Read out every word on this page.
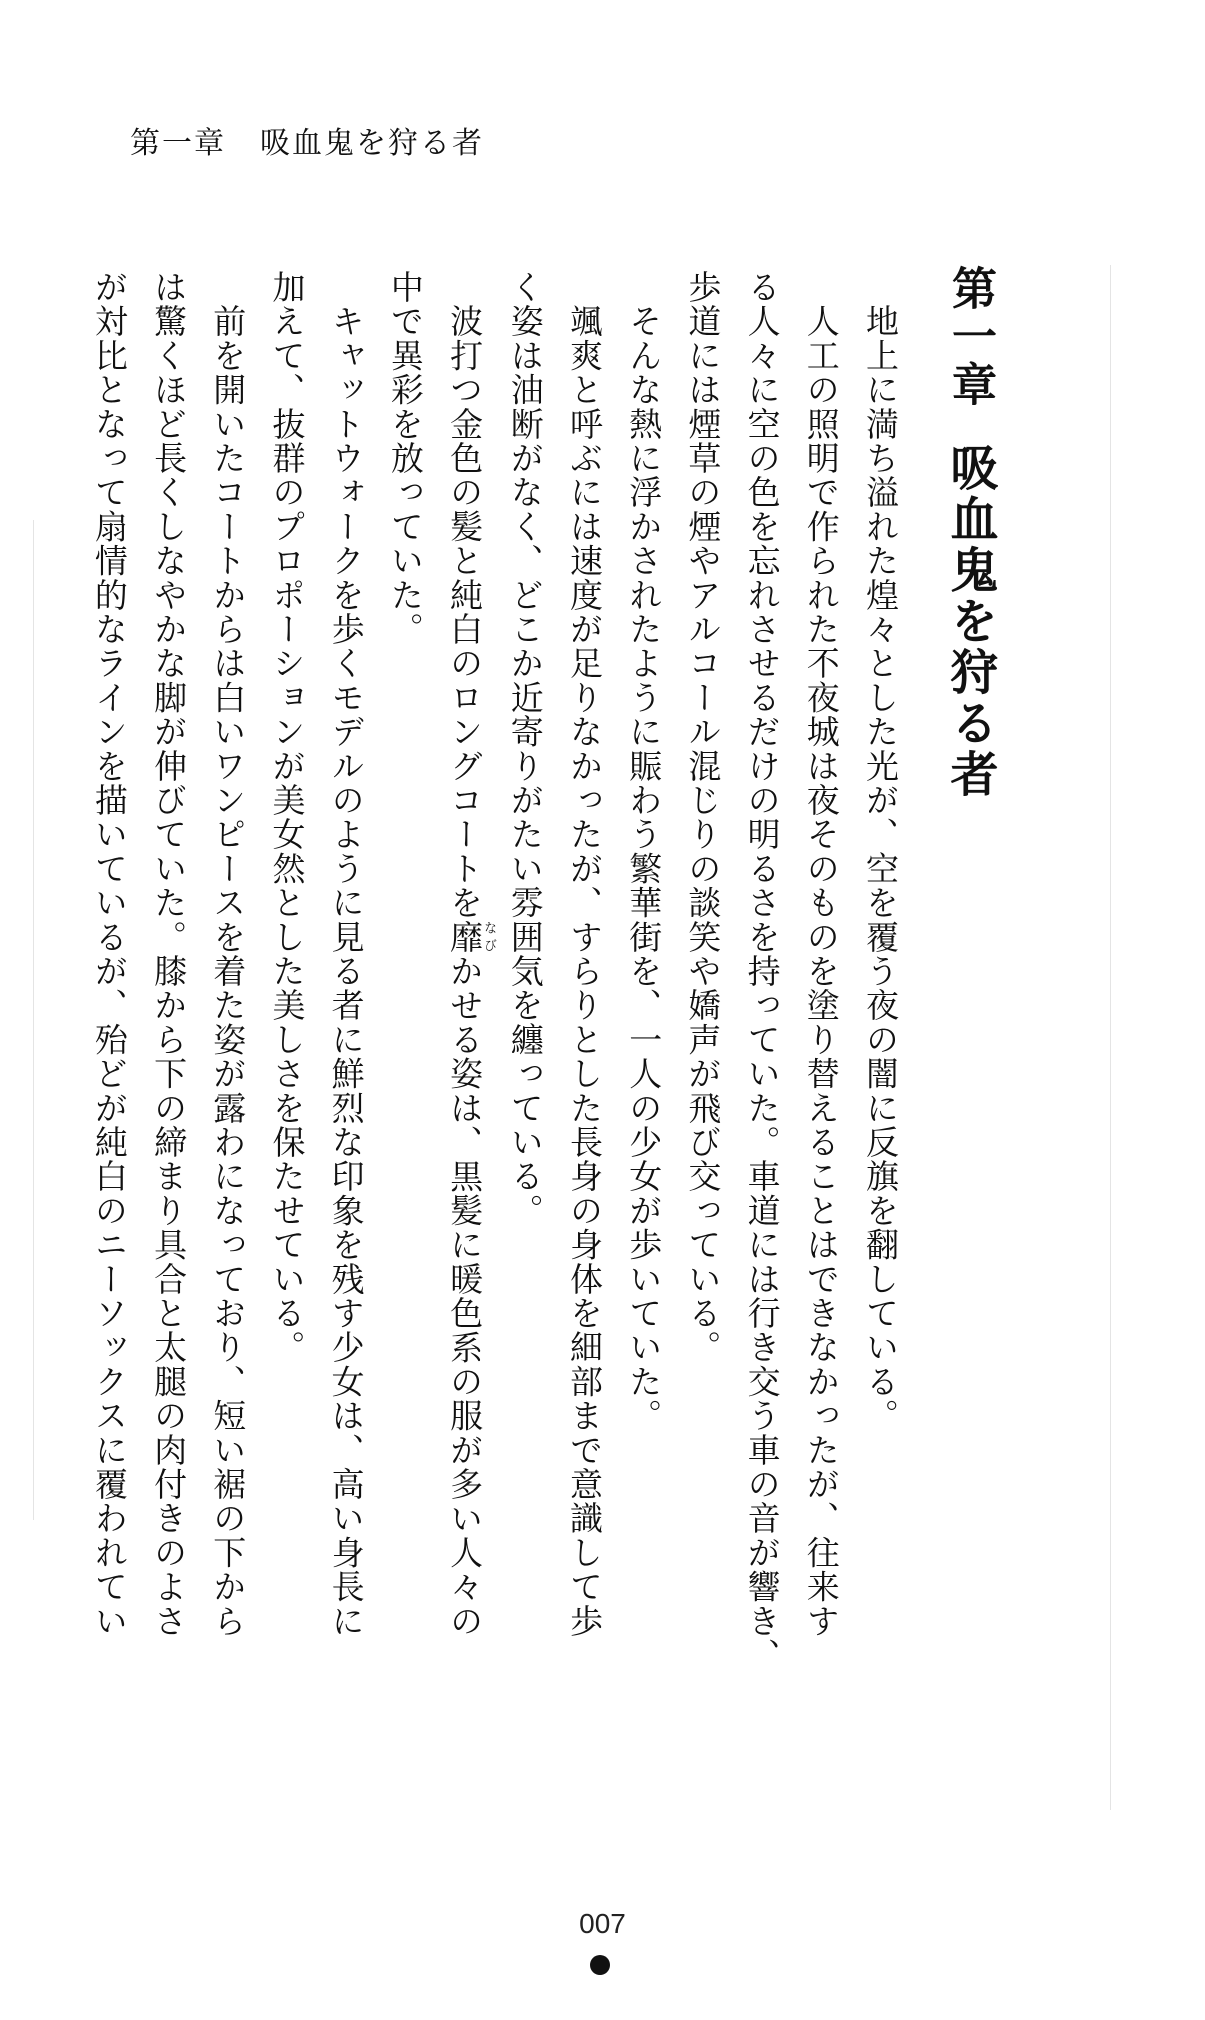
第一章 吸血鬼を狩る者
第一章吸血鬼を狩る者
　地上に満ち溢れた煌々とした光が、空を覆う夜の闇に反旗を翻している。
　人工の照明で作られた不夜城は夜そのものを塗り替えることはできなかったが、往来す
る人々に空の色を忘れさせるだけの明るさを持っていた。車道には行き交う車の音が響き、
歩道には煙草の煙やアルコール混じりの談笑や嬌声が飛び交っている。
　そんな熱に浮かされたように賑わう繁華街を、一人の少女が歩いていた。
　颯爽と呼ぶには速度が足りなかったが、すらりとした長身の身体を細部まで意識して歩
く姿は油断がなく、どこか近寄りがたい雰囲気を纏っている。
　波打つ金色の髪と純白のロングコートを靡なびかせる姿は、黒髪に暖色系の服が多い人々の
中で異彩を放っていた。
　キャットウォークを歩くモデルのように見る者に鮮烈な印象を残す少女は、高い身長に
加えて、抜群のプロポーションが美女然とした美しさを保たせている。
　前を開いたコートからは白いワンピースを着た姿が露わになっており、短い裾の下から
は驚くほど長くしなやかな脚が伸びていた。膝から下の締まり具合と太腿の肉付きのよさ
が対比となって扇情的なラインを描いているが、殆どが純白のニーソックスに覆われてい
007
